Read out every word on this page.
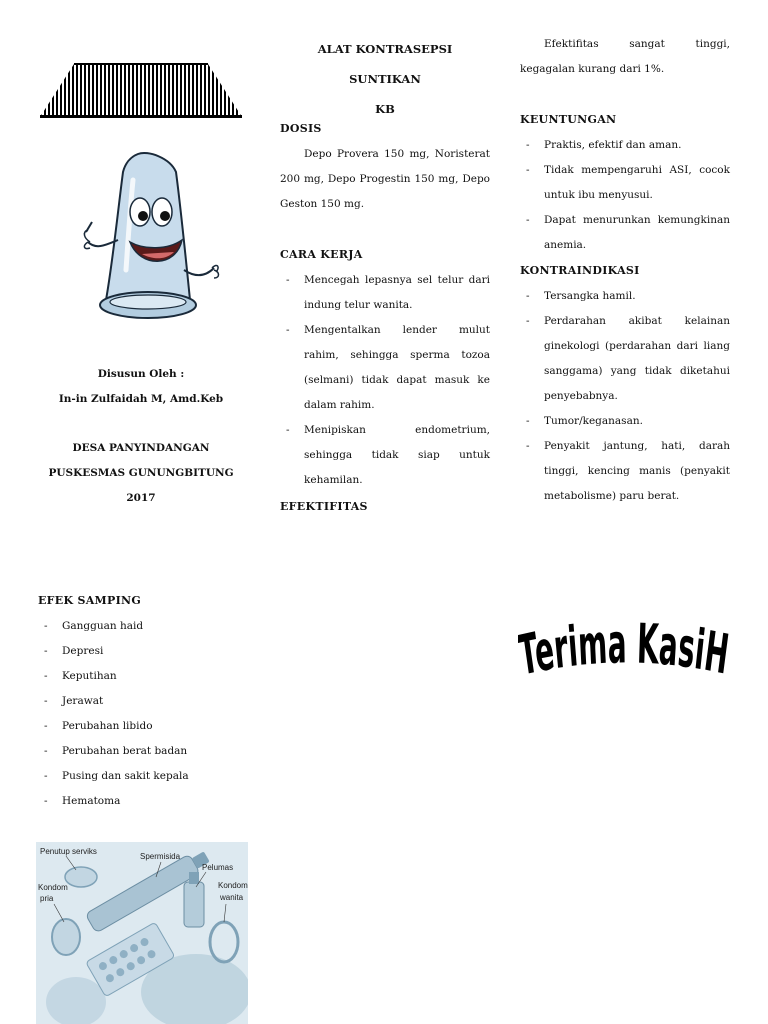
Disusun Oleh :
In-in Zulfaidah M, Amd.Keb
DESA PANYINDANGAN
PUSKESMAS GUNUNGBITUNG
2017
EFEK SAMPING
- Gangguan haid
- Depresi
- Keputihan
- Jerawat
- Perubahan libido
- Perubahan berat badan
- Pusing dan sakit kepala
- Hematoma
Penutup serviks
Spermisida
Pelumas
Kondom
pria
Kondom
wanita
ALAT KONTRASEPSI SUNTIKAN
KB
DOSIS
Depo Provera 150 mg, Noristerat 200 mg, Depo Progestin 150 mg, Depo Geston 150 mg.
CARA KERJA
- Mencegah lepasnya sel telur dari indung telur wanita.
- Mengentalkan lender mulut rahim, sehingga sperma tozoa (selmani) tidak dapat masuk ke dalam rahim.
- Menipiskan endometrium, sehingga tidak siap untuk kehamilan.
EFEKTIFITAS
Efektifitas sangat tinggi, kegagalan kurang dari 1%.
KEUNTUNGAN
- Praktis, efektif dan aman.
- Tidak mempengaruhi ASI, cocok untuk ibu menyusui.
- Dapat menurunkan kemungkinan anemia.
KONTRAINDIKASI
- Tersangka hamil.
- Perdarahan akibat kelainan ginekologi (perdarahan dari liang sanggama) yang tidak diketahui penyebabnya.
- Tumor/keganasan.
- Penyakit jantung, hati, darah tinggi, kencing manis (penyakit metabolisme) paru berat.
Terima Kasi
